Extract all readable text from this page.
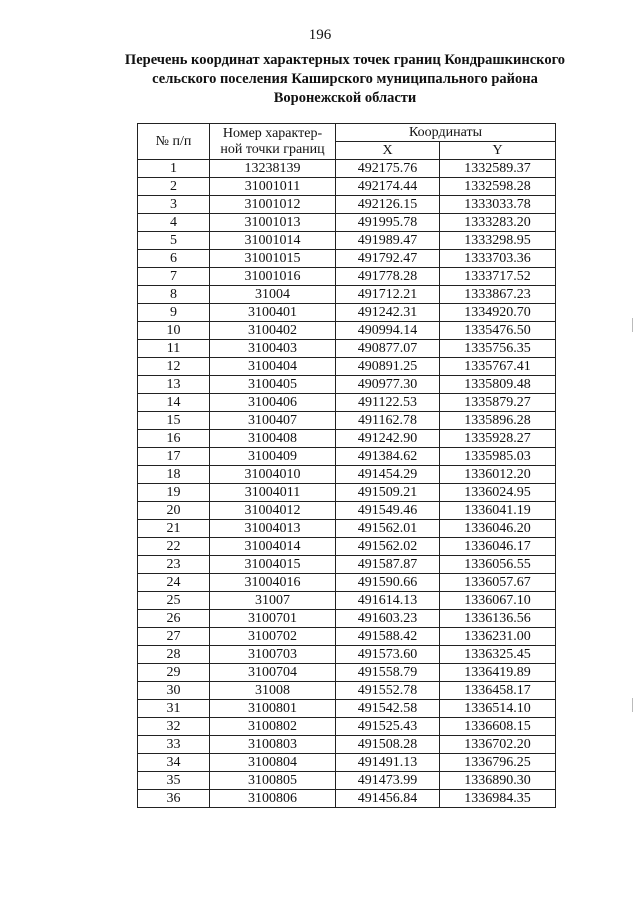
196
Перечень координат характерных точек границ Кондрашкинского
сельского поселения Каширского муниципального района
Воронежской области
№ п/п	Номер характер-
ной точки границ	Координаты	
		X	Y
1	13238139	492175.76	1332589.37
2	31001011	492174.44	1332598.28
3	31001012	492126.15	1333033.78
4	31001013	491995.78	1333283.20
5	31001014	491989.47	1333298.95
6	31001015	491792.47	1333703.36
7	31001016	491778.28	1333717.52
8	31004	491712.21	1333867.23
9	3100401	491242.31	1334920.70
10	3100402	490994.14	1335476.50
11	3100403	490877.07	1335756.35
12	3100404	490891.25	1335767.41
13	3100405	490977.30	1335809.48
14	3100406	491122.53	1335879.27
15	3100407	491162.78	1335896.28
16	3100408	491242.90	1335928.27
17	3100409	491384.62	1335985.03
18	31004010	491454.29	1336012.20
19	31004011	491509.21	1336024.95
20	31004012	491549.46	1336041.19
21	31004013	491562.01	1336046.20
22	31004014	491562.02	1336046.17
23	31004015	491587.87	1336056.55
24	31004016	491590.66	1336057.67
25	31007	491614.13	1336067.10
26	3100701	491603.23	1336136.56
27	3100702	491588.42	1336231.00
28	3100703	491573.60	1336325.45
29	3100704	491558.79	1336419.89
30	31008	491552.78	1336458.17
31	3100801	491542.58	1336514.10
32	3100802	491525.43	1336608.15
33	3100803	491508.28	1336702.20
34	3100804	491491.13	1336796.25
35	3100805	491473.99	1336890.30
36	3100806	491456.84	1336984.35
